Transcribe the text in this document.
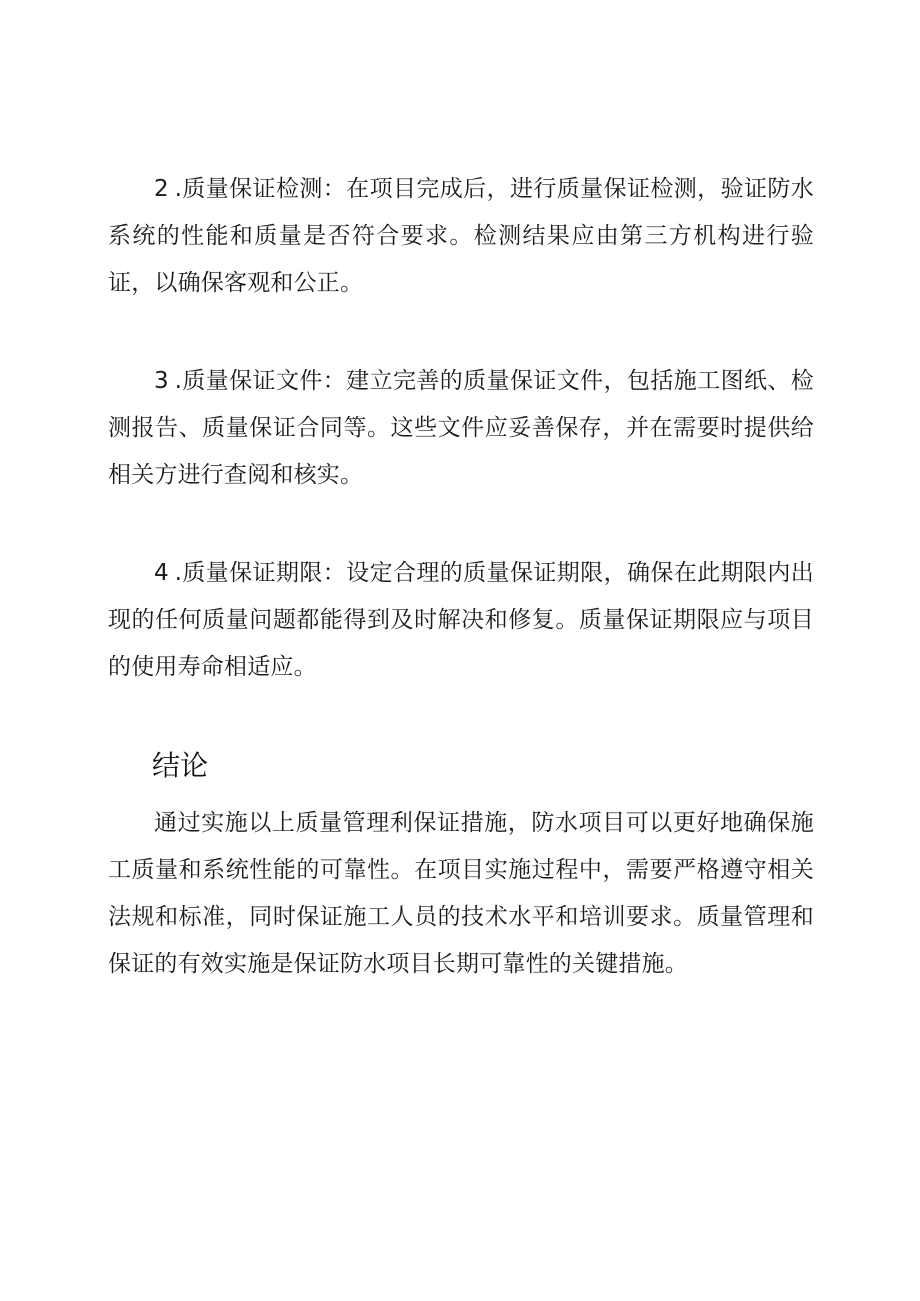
2.质量保证检测：在项目完成后，进行质量保证检测，验证防水系统的性能和质量是否符合要求。检测结果应由第三方机构进行验证，以确保客观和公正。

3.质量保证文件：建立完善的质量保证文件，包括施工图纸、检测报告、质量保证合同等。这些文件应妥善保存，并在需要时提供给相关方进行查阅和核实。

4.质量保证期限：设定合理的质量保证期限，确保在此期限内出现的任何质量问题都能得到及时解决和修复。质量保证期限应与项目的使用寿命相适应。

结论

通过实施以上质量管理利保证措施，防水项目可以更好地确保施工质量和系统性能的可靠性。在项目实施过程中，需要严格遵守相关法规和标准，同时保证施工人员的技术水平和培训要求。质量管理和保证的有效实施是保证防水项目长期可靠性的关键措施。
